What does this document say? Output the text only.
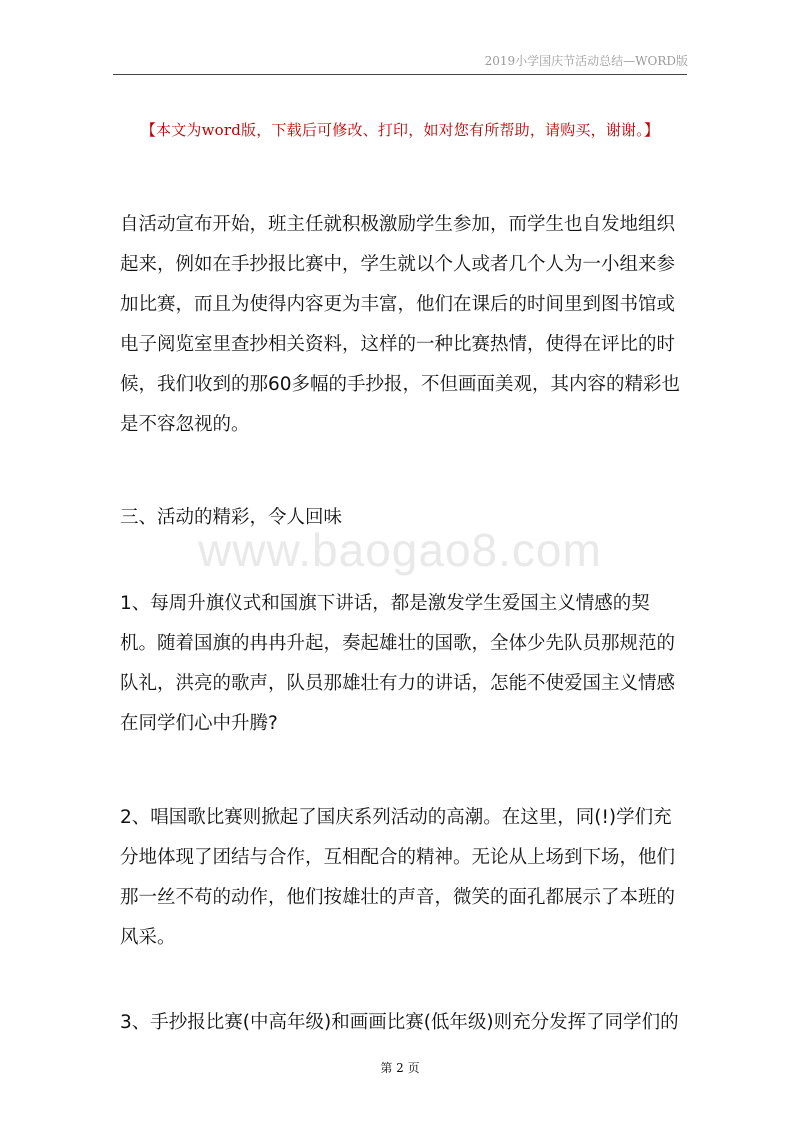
2019小学国庆节活动总结—WORD版
【本文为word版，下载后可修改、打印，如对您有所帮助，请购买，谢谢。】
www.baogao8.com
自活动宣布开始，班主任就积极激励学生参加，而学生也自发地组织起来，例如在手抄报比赛中，学生就以个人或者几个人为一小组来参加比赛，而且为使得内容更为丰富，他们在课后的时间里到图书馆或电子阅览室里查抄相关资料，这样的一种比赛热情，使得在评比的时候，我们收到的那60多幅的手抄报，不但画面美观，其内容的精彩也是不容忽视的。
三、活动的精彩，令人回味
1、每周升旗仪式和国旗下讲话，都是激发学生爱国主义情感的契机。随着国旗的冉冉升起，奏起雄壮的国歌，全体少先队员那规范的队礼，洪亮的歌声，队员那雄壮有力的讲话，怎能不使爱国主义情感在同学们心中升腾?
2、唱国歌比赛则掀起了国庆系列活动的高潮。在这里，同(!)学们充分地体现了团结与合作，互相配合的精神。无论从上场到下场，他们那一丝不苟的动作，他们按雄壮的声音，微笑的面孔都展示了本班的风采。
3、手抄报比赛(中高年级)和画画比赛(低年级)则充分发挥了同学们的
第 2 页
